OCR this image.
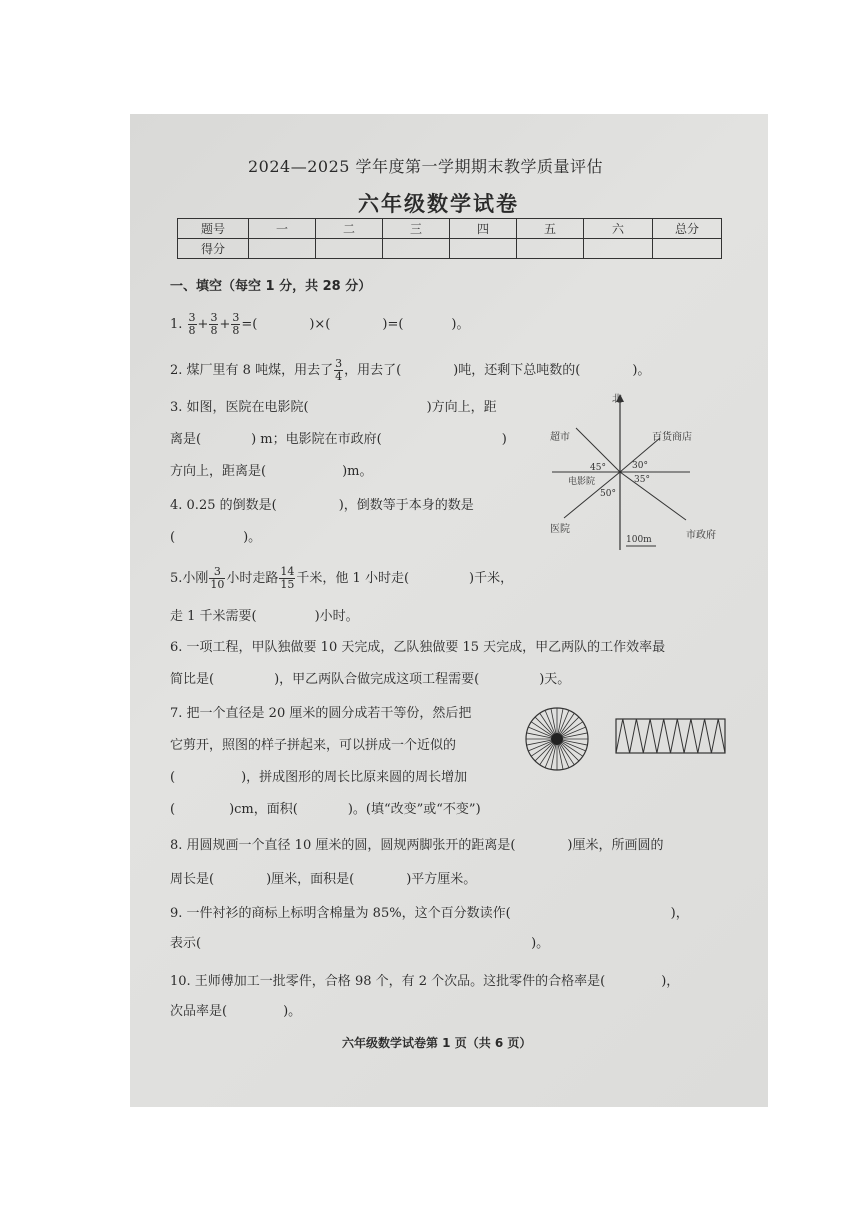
2024—2025 学年度第一学期期末教学质量评估
六年级数学试卷
题号	一	二	三	四	五	六	总分
得分							
一、填空（每空 1 分，共 28 分）
1. $\frac{3}{8} + \frac{3}{8} + \frac{3}{8}$ =(	)×(	)=(	)。
2. 煤厂里有 8 吨煤，用去了 $\frac{3}{4}$ ，用去了(	)吨，还剩下总吨数的(	)。
3. 如图，医院在电影院(	)方向上，距
离是(	) m；电影院在市政府(	)
方向上，距离是(	)m。
4. 0.25 的倒数是(	)，倒数等于本身的数是
(	)。
5.小刚 $\frac{3}{10}$ 小时走路 $\frac{14}{15}$ 千米，他 1 小时走(	)千米，
走 1 千米需要(	)小时。
6. 一项工程，甲队独做要 10 天完成，乙队独做要 15 天完成，甲乙两队的工作效率最
简比是(	)，甲乙两队合做完成这项工程需要(	)天。
7. 把一个直径是 20 厘米的圆分成若干等份，然后把
它剪开，照图的样子拼起来，可以拼成一个近似的
(	)，拼成图形的周长比原来圆的周长增加
(	)cm，面积(	)。(填“改变”或“不变”)
8. 用圆规画一个直径 10 厘米的圆，圆规两脚张开的距离是(	)厘米，所画圆的
周长是(	)厘米，面积是(	)平方厘米。
9. 一件衬衫的商标上标明含棉量为 85%，这个百分数读作(	)，
表示(	)。
10. 王师傅加工一批零件，合格 98 个，有 2 个次品。这批零件的合格率是(	)，
次品率是(	)。
北
超市	百货商店
电影院
医院
市政府
45°	30°
35°
50°
100m
六年级数学试卷第 1 页（共 6 页）
